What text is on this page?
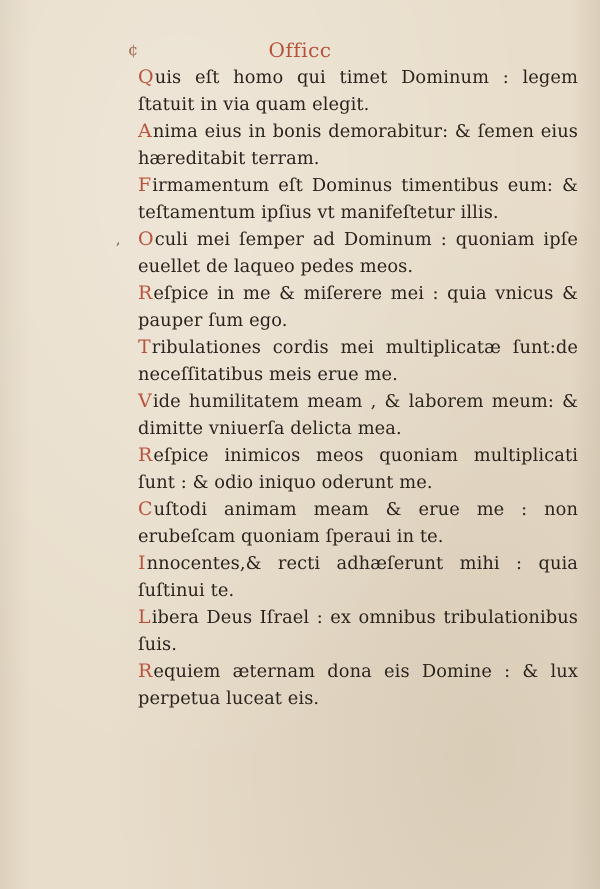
¢	Officc
,

Quis eſt homo qui timet Dominum : legem ſtatuit in via quam elegit.

Anima eius in bonis demorabitur: & ſemen eius hæreditabit terram.

Firmamentum eſt Dominus timentibus eum: & teſtamentum ipſius vt manifeſtetur illis.

Oculi mei ſemper ad Dominum : quoniam ipſe euellet de laqueo pedes meos.

Reſpice in me & miſerere mei : quia vnicus & pauper ſum ego.

Tribulationes cordis mei multiplicatæ ſunt:de neceſſitatibus meis erue me.

Vide humilitatem meam , & laborem meum: & dimitte vniuerſa delicta mea.

Reſpice inimicos meos quoniam multiplicati ſunt : & odio iniquo oderunt me.

Cuſtodi animam meam & erue me : non erubeſcam quoniam ſperaui in te.

Innocentes,& recti adhæſerunt mihi : quia ſuſtinui te.

Libera Deus Iſrael : ex omnibus tribulationibus ſuis.

Requiem æternam dona eis Domine : & lux perpetua luceat eis.
